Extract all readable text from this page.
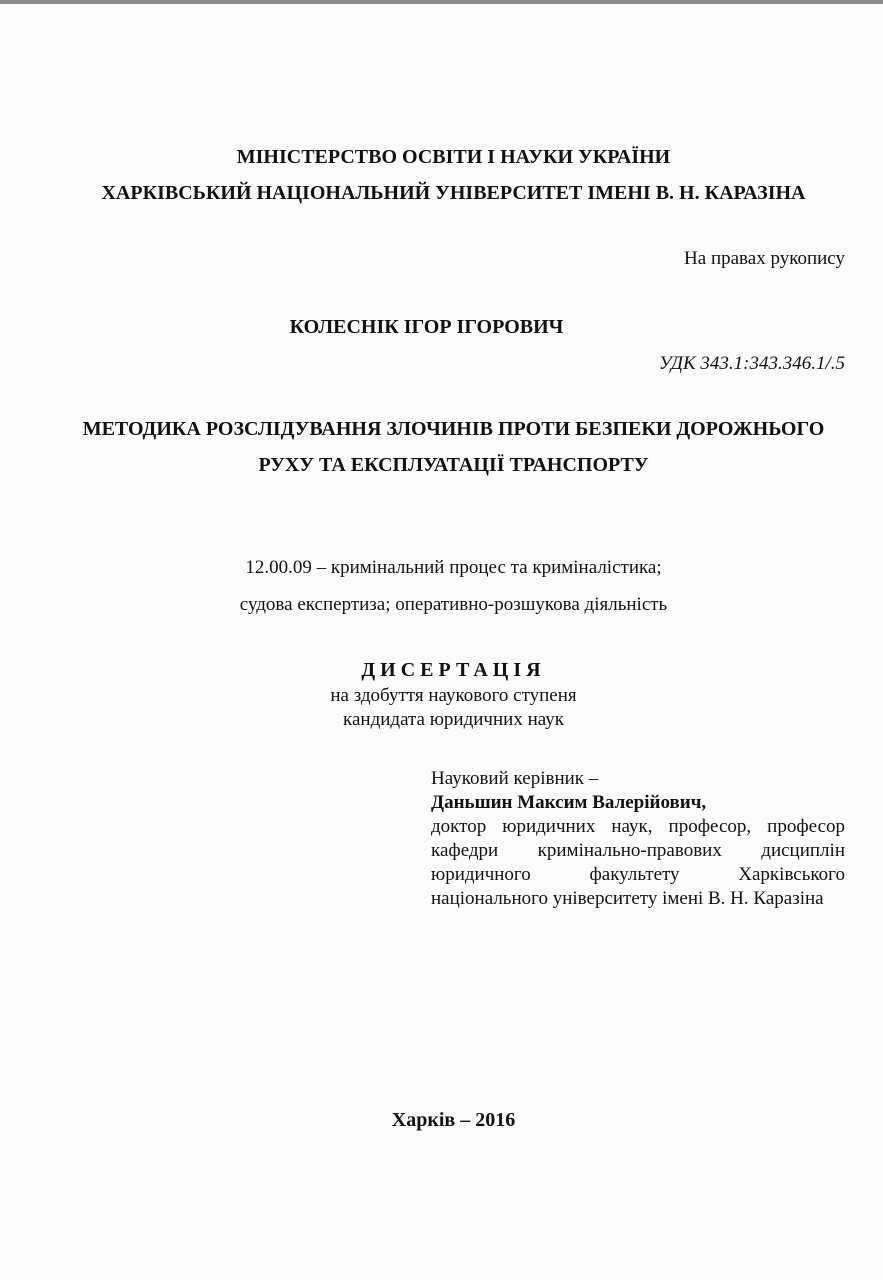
МІНІСТЕРСТВО ОСВІТИ І НАУКИ УКРАЇНИ

ХАРКІВСЬКИЙ НАЦІОНАЛЬНИЙ УНІВЕРСИТЕТ ІМЕНІ В. Н. КАРАЗІНА

На правах рукопису

КОЛЕСНІК ІГОР ІГОРОВИЧ

УДК 343.1:343.346.1/.5

МЕТОДИКА РОЗСЛІДУВАННЯ ЗЛОЧИНІВ ПРОТИ БЕЗПЕКИ ДОРОЖНЬОГО

РУХУ ТА ЕКСПЛУАТАЦІЇ ТРАНСПОРТУ

12.00.09 – кримінальний процес та криміналістика;

судова експертиза; оперативно-розшукова діяльність

ДИСЕРТАЦІЯ

на здобуття наукового ступеня

кандидата юридичних наук

Науковий керівник –
Даньшин Максим Валерійович,
доктор юридичних наук, професор, професор кафедри кримінально-правових дисциплін юридичного факультету Харківського національного університету імені В. Н. Каразіна

Харків – 2016
